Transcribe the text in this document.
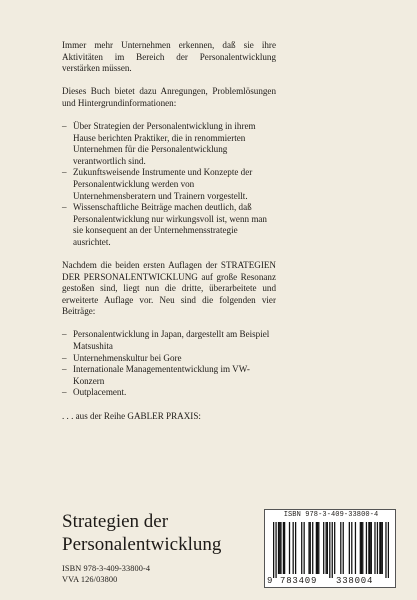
Immer mehr Unternehmen erkennen, daß sie ihre Aktivitäten im Bereich der Personalentwicklung verstärken müssen.

Dieses Buch bietet dazu Anregungen, Problemlösungen und Hintergrundinformationen:

– Über Strategien der Personalentwicklung in ihrem Hause berichten Praktiker, die in renommierten Unternehmen für die Personalentwicklung verantwortlich sind.
– Zukunftsweisende Instrumente und Konzepte der Personalentwicklung werden von Unternehmensberatern und Trainern vorgestellt.
– Wissenschaftliche Beiträge machen deutlich, daß Personalentwicklung nur wirkungsvoll ist, wenn man sie konsequent an der Unternehmensstrategie ausrichtet.

Nachdem die beiden ersten Auflagen der STRATEGIEN DER PERSONALENTWICKLUNG auf große Resonanz gestoßen sind, liegt nun die dritte, überarbeitete und erweiterte Auflage vor. Neu sind die folgenden vier Beiträge:

– Personalentwicklung in Japan, dargestellt am Beispiel Matsushita
– Unternehmenskultur bei Gore
– Internationale Managemententwicklung im VW-Konzern
– Outplacement.

. . . aus der Reihe GABLER PRAXIS:

Strategien der
Personalentwicklung
ISBN 978-3-409-33800-4
VVA 126/03800
ISBN 978-3-409-33800-4
9 783409 338004
